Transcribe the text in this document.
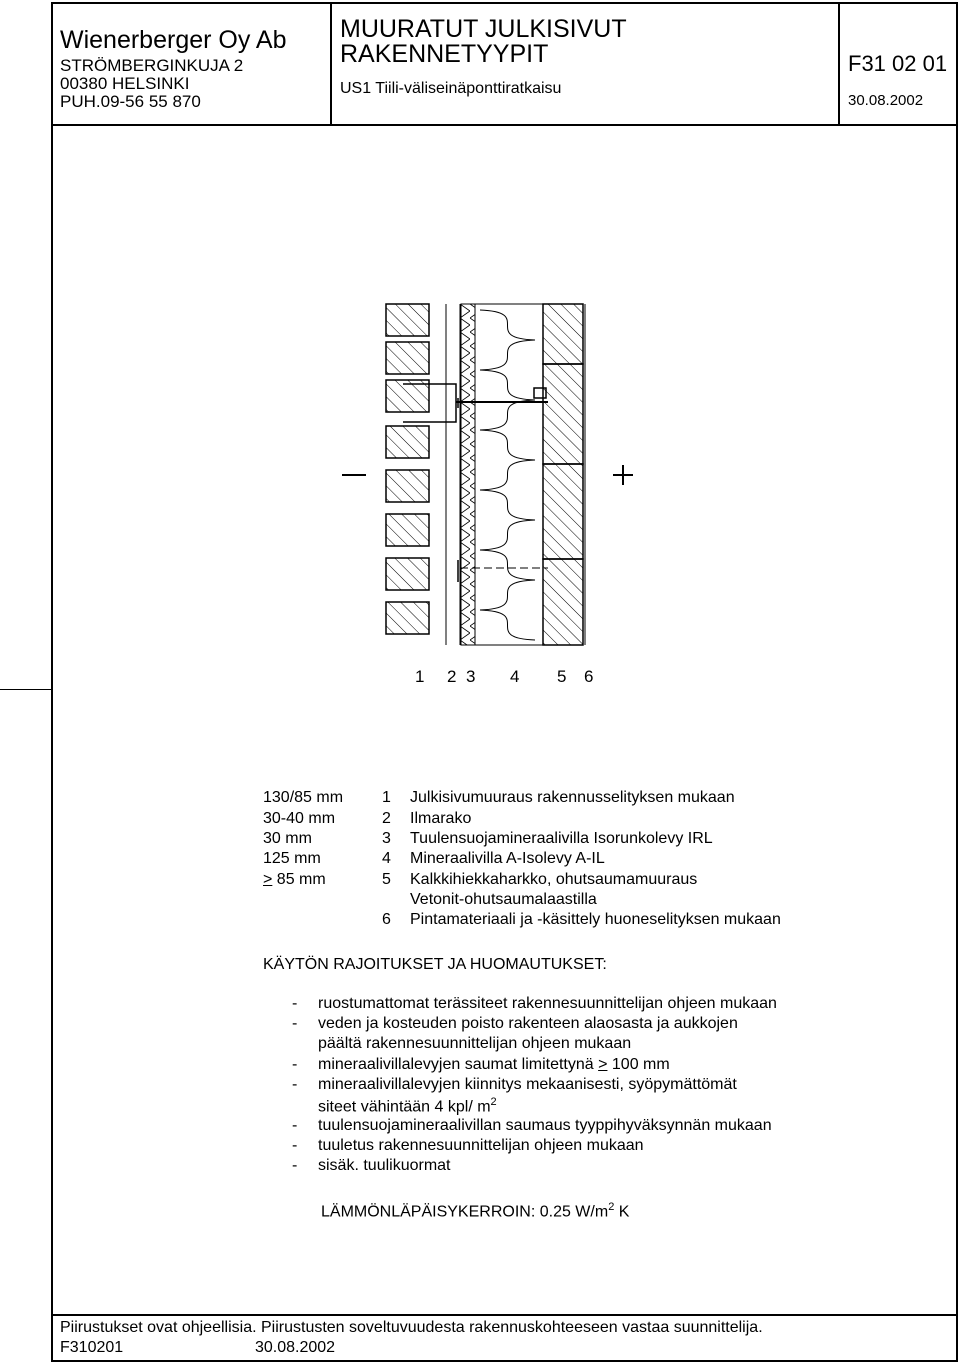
Wienerberger Oy Ab
STRÖMBERGINKUJA 2
00380 HELSINKI
PUH.09-56 55 870
MUURATUT JULKISIVUT
RAKENNETYYPIT
US1 Tiili-väliseinäponttiratkaisu
F31 02 01
30.08.2002
1 2 3 4 5 6
130/85 mm 1 Julkisivumuuraus rakennusselityksen mukaan
30-40 mm	2 Ilmarako
30 mm	3 Tuulensuojamineraalivilla Isorunkolevy IRL
125 mm	4 Mineraalivilla A-Isolevy A-IL
> 85 mm	5 Kalkkihiekkaharkko, ohutsaumamuuraus
Vetonit-ohutsaumalaastilla
6 Pintamateriaali ja -käsittely huoneselityksen mukaan
KÄYTÖN RAJOITUKSET JA HUOMAUTUKSET:
- ruostumattomat terässiteet rakennesuunnittelijan ohjeen mukaan
- veden ja kosteuden poisto rakenteen alaosasta ja aukkojen
päältä rakennesuunnittelijan ohjeen mukaan
- mineraalivillalevyjen saumat limitettynä > 100 mm
- mineraalivillalevyjen kiinnitys mekaanisesti, syöpymättömät
siteet vähintään 4 kpl/ $m^2$
- tuulensuojamineraalivillan saumaus tyyppihyväksynnän mukaan
- tuuletus rakennesuunnittelijan ohjeen mukaan
- sisäk. tuulikuormat
LÄMMÖNLÄPÄISYKERROIN: 0.25 $W/m^2$ K
Piirustukset ovat ohjeellisia. Piirustusten soveltuvuudesta rakennuskohteeseen vastaa suunnittelija.
F310201	30.08.2002
